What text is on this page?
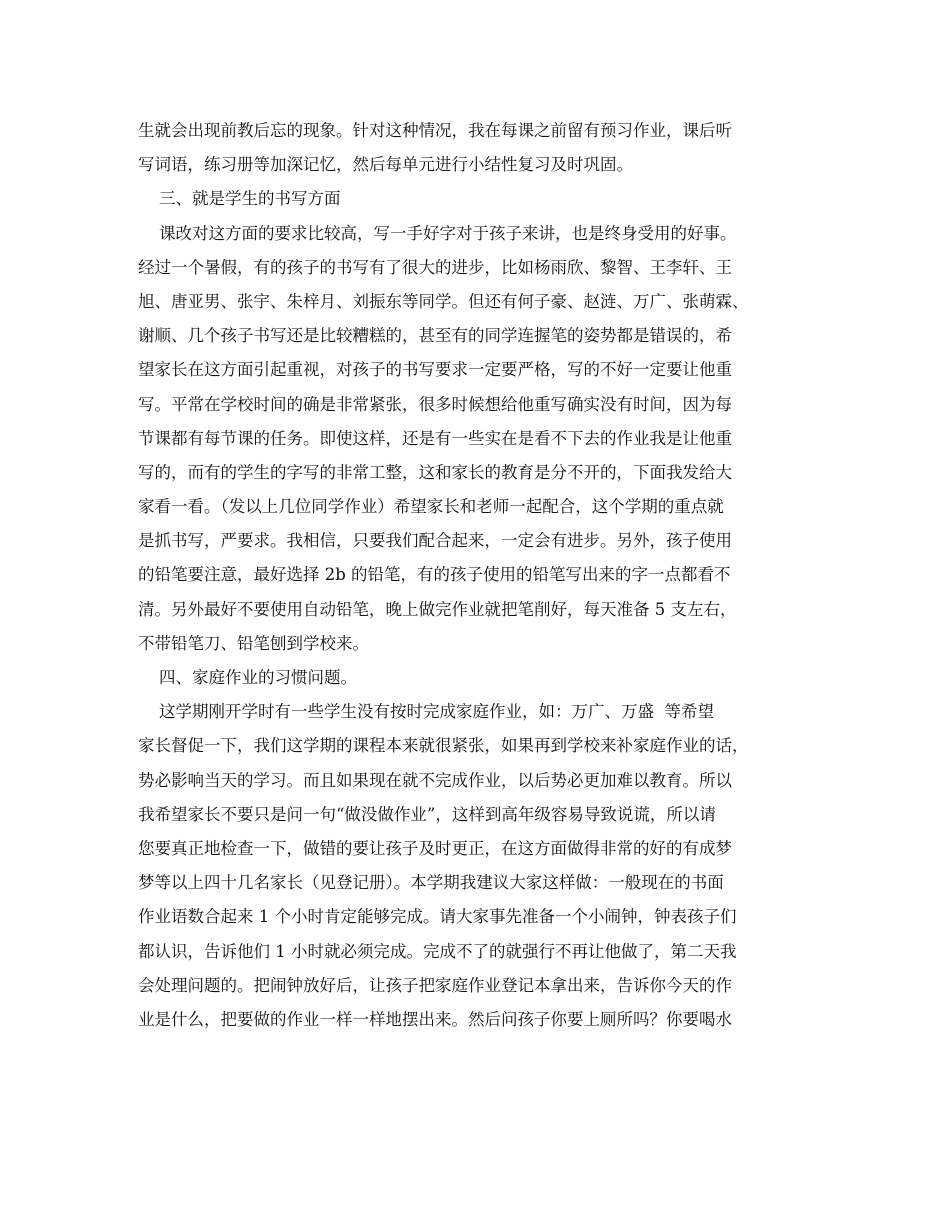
生就会出现前教后忘的现象。针对这种情况，我在每课之前留有预习作业，课后听
写词语，练习册等加深记忆，然后每单元进行小结性复习及时巩固。
三、就是学生的书写方面
课改对这方面的要求比较高，写一手好字对于孩子来讲，也是终身受用的好事。
经过一个暑假，有的孩子的书写有了很大的进步，比如杨雨欣、黎智、王李轩、王
旭、唐亚男、张宇、朱梓月、刘振东等同学。但还有何子豪、赵涟、万广、张萌霖、
谢顺、几个孩子书写还是比较糟糕的，甚至有的同学连握笔的姿势都是错误的，希
望家长在这方面引起重视，对孩子的书写要求一定要严格，写的不好一定要让他重
写。平常在学校时间的确是非常紧张，很多时候想给他重写确实没有时间，因为每
节课都有每节课的任务。即使这样，还是有一些实在是看不下去的作业我是让他重
写的，而有的学生的字写的非常工整，这和家长的教育是分不开的，下面我发给大
家看一看。（发以上几位同学作业）希望家长和老师一起配合，这个学期的重点就
是抓书写，严要求。我相信，只要我们配合起来，一定会有进步。另外，孩子使用
的铅笔要注意，最好选择 2b 的铅笔，有的孩子使用的铅笔写出来的字一点都看不
清。另外最好不要使用自动铅笔，晚上做完作业就把笔削好，每天准备 5 支左右，
不带铅笔刀、铅笔刨到学校来。
四、家庭作业的习惯问题。
这学期刚开学时有一些学生没有按时完成家庭作业，如：万广、万盛  等希望
家长督促一下，我们这学期的课程本来就很紧张，如果再到学校来补家庭作业的话，
势必影响当天的学习。而且如果现在就不完成作业，以后势必更加难以教育。所以
我希望家长不要只是问一句“做没做作业”，这样到高年级容易导致说谎，所以请
您要真正地检查一下，做错的要让孩子及时更正，在这方面做得非常的好的有成梦
梦等以上四十几名家长（见登记册）。本学期我建议大家这样做：一般现在的书面
作业语数合起来 1 个小时肯定能够完成。请大家事先准备一个小闹钟，钟表孩子们
都认识，告诉他们 1 小时就必须完成。完成不了的就强行不再让他做了，第二天我
会处理问题的。把闹钟放好后，让孩子把家庭作业登记本拿出来，告诉你今天的作
业是什么，把要做的作业一样一样地摆出来。然后问孩子你要上厕所吗？你要喝水
